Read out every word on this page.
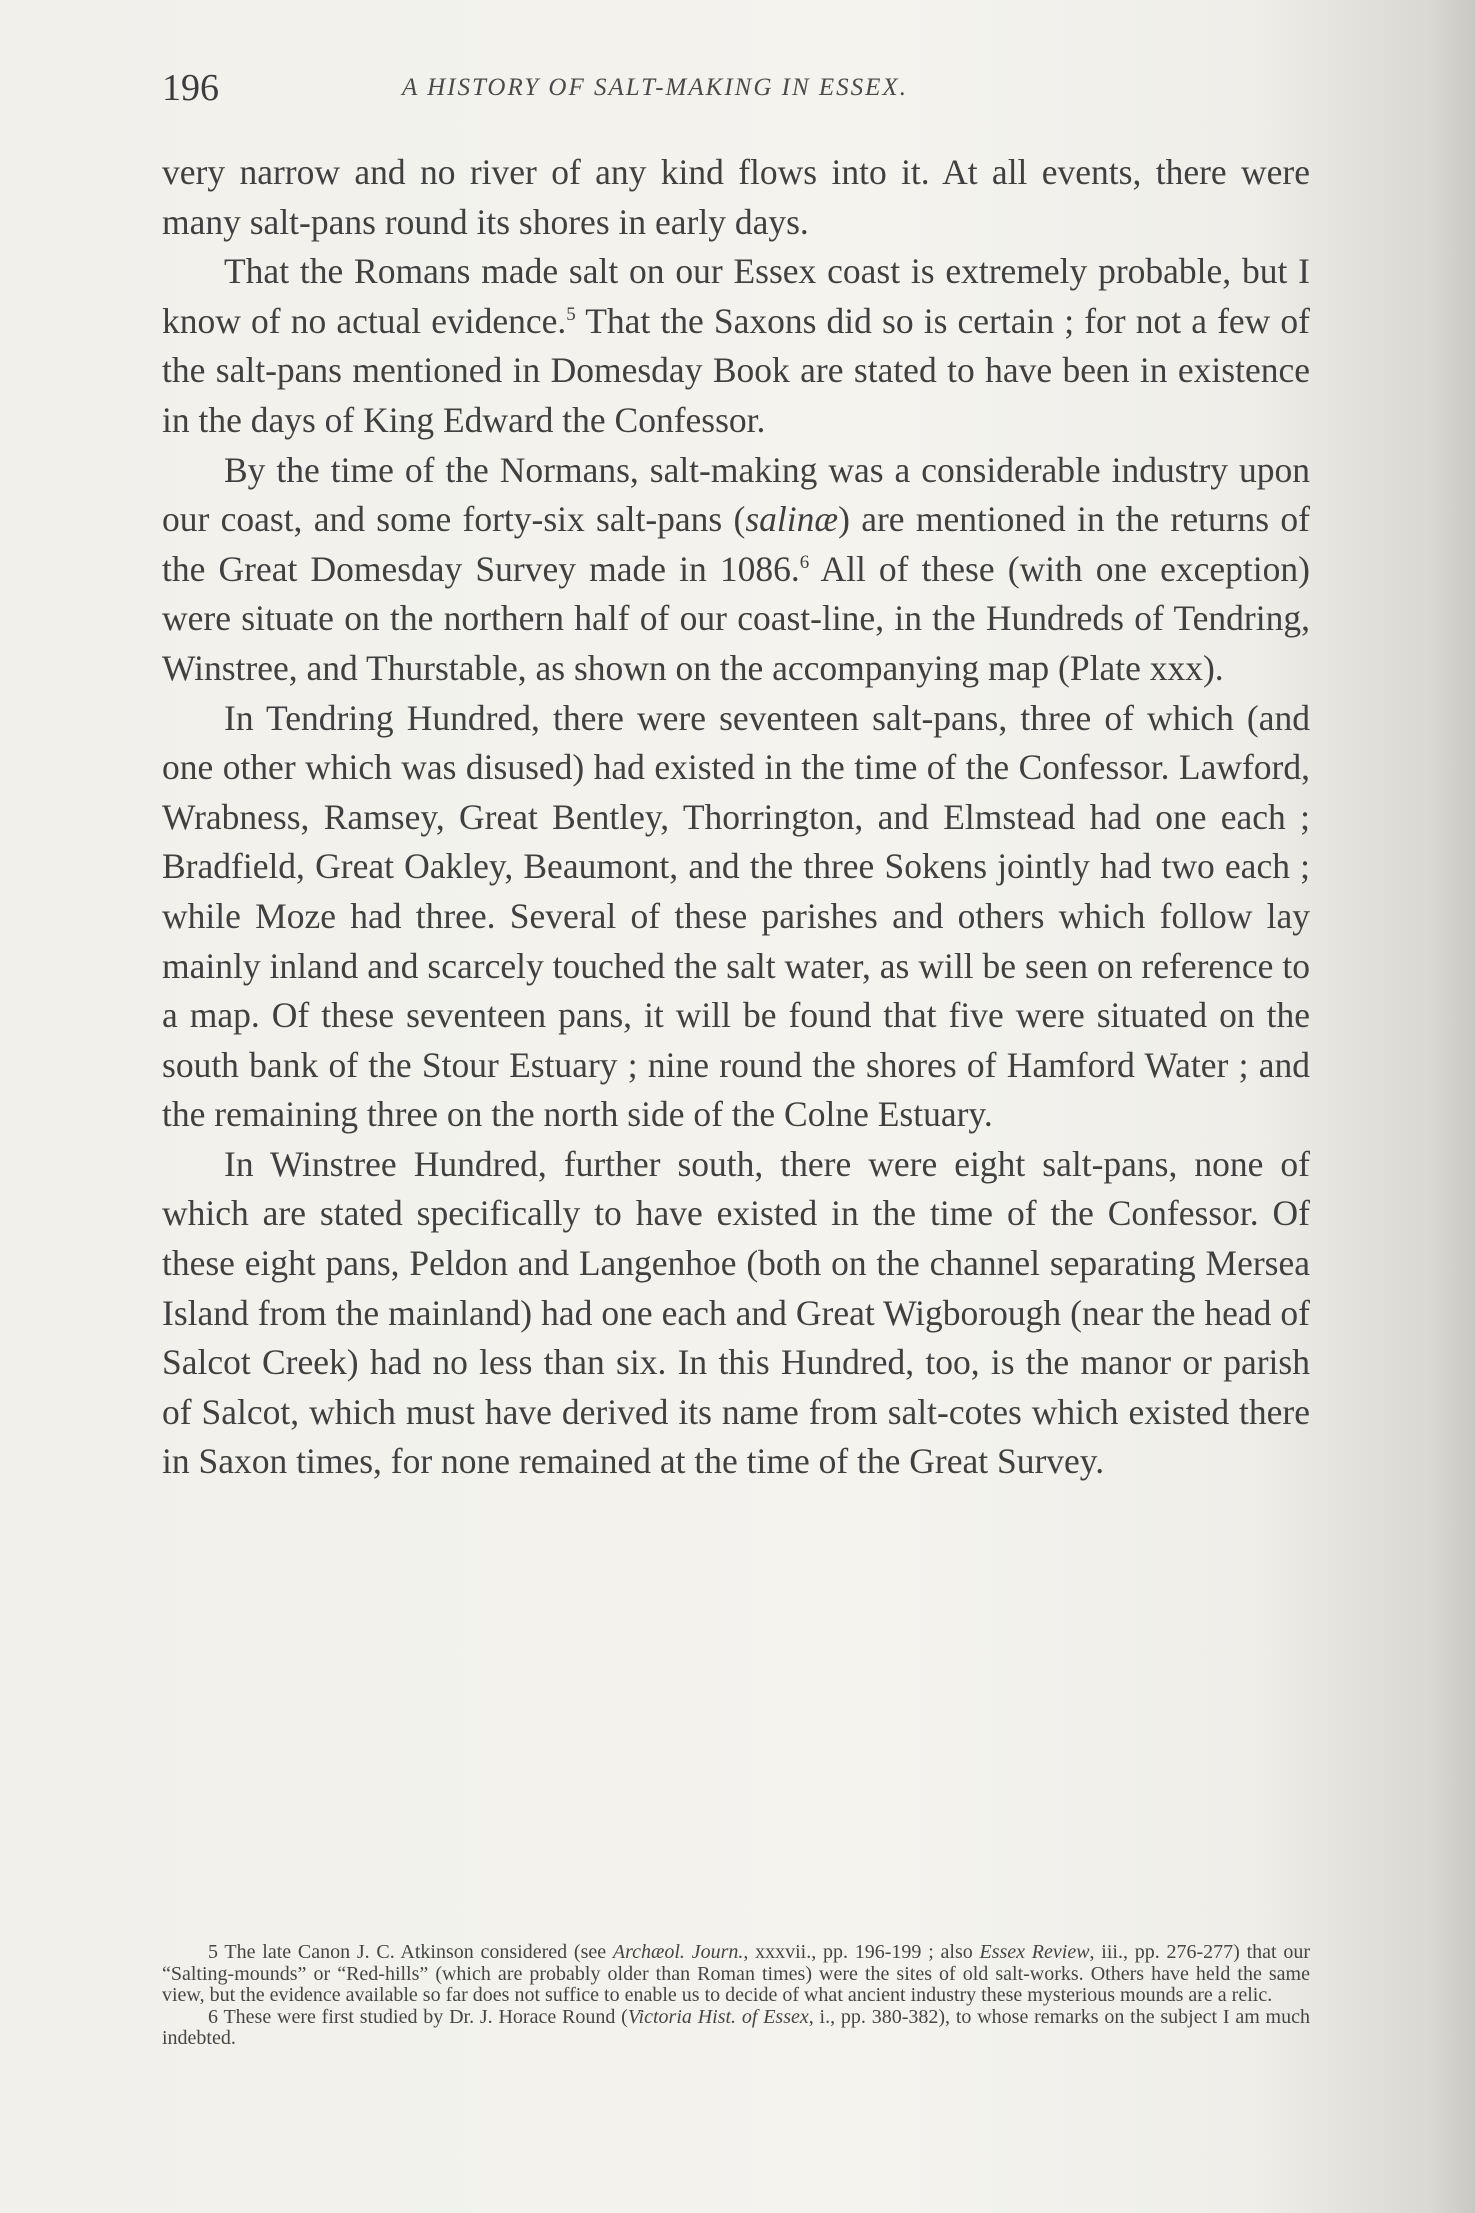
196	A HISTORY OF SALT-MAKING IN ESSEX.

very narrow and no river of any kind flows into it. At all events, there were many salt-pans round its shores in early days.

That the Romans made salt on our Essex coast is extremely probable, but I know of no actual evidence.$^5$ That the Saxons did so is certain ; for not a few of the salt-pans mentioned in Domesday Book are stated to have been in existence in the days of King Edward the Confessor.

By the time of the Normans, salt-making was a considerable industry upon our coast, and some forty-six salt-pans (salinæ) are mentioned in the returns of the Great Domesday Survey made in 1086.$^6$ All of these (with one exception) were situate on the northern half of our coast-line, in the Hundreds of Tendring, Winstree, and Thurstable, as shown on the accompanying map (Plate xxx).

In Tendring Hundred, there were seventeen salt-pans, three of which (and one other which was disused) had existed in the time of the Confessor. Lawford, Wrabness, Ramsey, Great Bentley, Thorrington, and Elmstead had one each ; Bradfield, Great Oakley, Beaumont, and the three Sokens jointly had two each ; while Moze had three. Several of these parishes and others which follow lay mainly inland and scarcely touched the salt water, as will be seen on reference to a map. Of these seventeen pans, it will be found that five were situated on the south bank of the Stour Estuary ; nine round the shores of Hamford Water ; and the remaining three on the north side of the Colne Estuary.

In Winstree Hundred, further south, there were eight salt-pans, none of which are stated specifically to have existed in the time of the Confessor. Of these eight pans, Peldon and Langenhoe (both on the channel separating Mersea Island from the mainland) had one each and Great Wigborough (near the head of Salcot Creek) had no less than six. In this Hundred, too, is the manor or parish of Salcot, which must have derived its name from salt-cotes which existed there in Saxon times, for none remained at the time of the Great Survey.

5 The late Canon J. C. Atkinson considered (see Archæol. Journ., xxxvii., pp. 196-199 ; also Essex Review, iii., pp. 276-277) that our “Salting-mounds” or “Red-hills” (which are probably older than Roman times) were the sites of old salt-works. Others have held the same view, but the evidence available so far does not suffice to enable us to decide of what ancient industry these mysterious mounds are a relic.

6 These were first studied by Dr. J. Horace Round (Victoria Hist. of Essex, i., pp. 380-382), to whose remarks on the subject I am much indebted.
